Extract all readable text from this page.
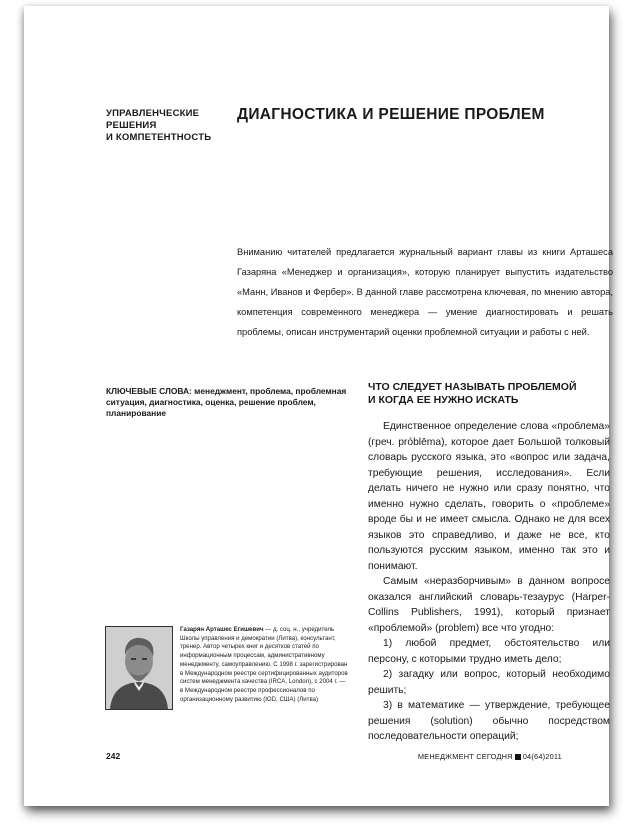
УПРАВЛЕНЧЕСКИЕ
РЕШЕНИЯ
И КОМПЕТЕНТНОСТЬ
ДИАГНОСТИКА И РЕШЕНИЕ ПРОБЛЕМ
Вниманию читателей предлагается журнальный вариант главы из книги Арташеса Газаряна «Менеджер и организация», которую планирует выпустить издательство «Манн, Иванов и Фербер». В данной главе рассмотрена ключевая, по мнению автора, компетенция современного менеджера — умение диагностировать и решать проблемы, описан инструментарий оценки проблемной ситуации и работы с ней.
КЛЮЧЕВЫЕ СЛОВА: менеджмент, проблема, проблемная ситуация, диагностика, оценка, решение проблем, планирование
ЧТО СЛЕДУЕТ НАЗЫВАТЬ ПРОБЛЕМОЙ
И КОГДА ЕЕ НУЖНО ИСКАТЬ

Единственное определение слова «проблема» (греч. próblēma), которое дает Большой толковый словарь русского языка, это «вопрос или задача, требующие решения, исследования». Если делать ничего не нужно или сразу понятно, что именно нужно сделать, говорить о «проблеме» вроде бы и не имеет смысла. Однако не для всех языков это справедливо, и даже не все, кто пользуются русским языком, именно так это и понимают.

Самым «неразборчивым» в данном вопросе оказался английский словарь-тезаурус (Harper-Collins Publishers, 1991), который признает «проблемой» (problem) все что угодно:

1) любой предмет, обстоятельство или персону, с которыми трудно иметь дело;

2) загадку или вопрос, который необходимо решить;

3) в математике — утверждение, требующее решения (solution) обычно посредством последовательности операций;

Газарян Арташес Егишевич — д. соц. н., учредитель Школы управления и демократии (Литва), консультант, тренер. Автор четырех книг и десятков статей по информационным процессам, административному менеджменту, самоуправлению. С 1998 г. зарегистрирован в Международном реестре сертифицированных аудиторов систем менеджмента качества (IRCA, London), с 2004 г. — в Международном реестре профессионалов по организационному развитию (IOD, США) (Литва)
242	МЕНЕДЖМЕНТ СЕГОДНЯ 04(64)2011
